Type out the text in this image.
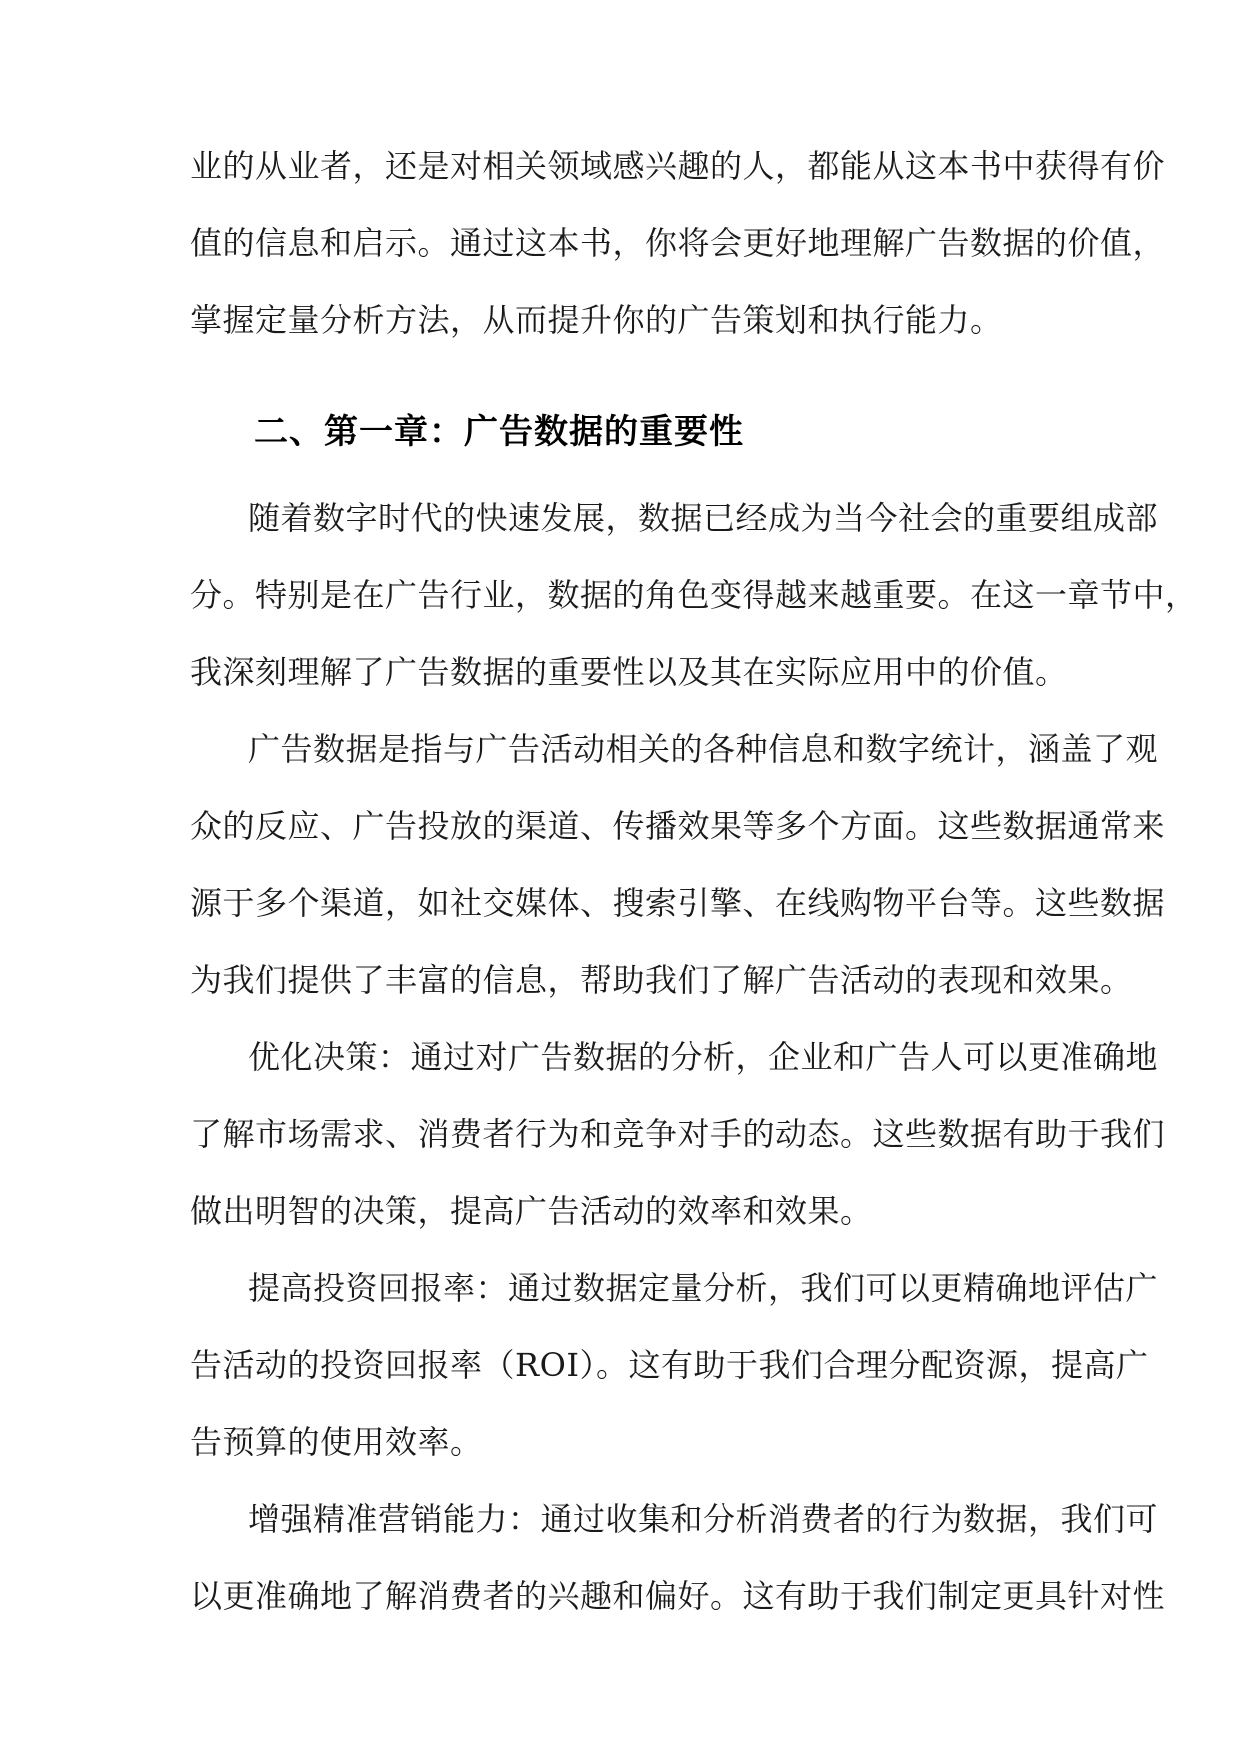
业的从业者，还是对相关领域感兴趣的人，都能从这本书中获得有价
值的信息和启示。通过这本书，你将会更好地理解广告数据的价值，
掌握定量分析方法，从而提升你的广告策划和执行能力。
二、第一章：广告数据的重要性
随着数字时代的快速发展，数据已经成为当今社会的重要组成部
分。特别是在广告行业，数据的角色变得越来越重要。在这一章节中，
我深刻理解了广告数据的重要性以及其在实际应用中的价值。
广告数据是指与广告活动相关的各种信息和数字统计，涵盖了观
众的反应、广告投放的渠道、传播效果等多个方面。这些数据通常来
源于多个渠道，如社交媒体、搜索引擎、在线购物平台等。这些数据
为我们提供了丰富的信息，帮助我们了解广告活动的表现和效果。
优化决策：通过对广告数据的分析，企业和广告人可以更准确地
了解市场需求、消费者行为和竞争对手的动态。这些数据有助于我们
做出明智的决策，提高广告活动的效率和效果。
提高投资回报率：通过数据定量分析，我们可以更精确地评估广
告活动的投资回报率（ROI）。这有助于我们合理分配资源，提高广
告预算的使用效率。
增强精准营销能力：通过收集和分析消费者的行为数据，我们可
以更准确地了解消费者的兴趣和偏好。这有助于我们制定更具针对性
